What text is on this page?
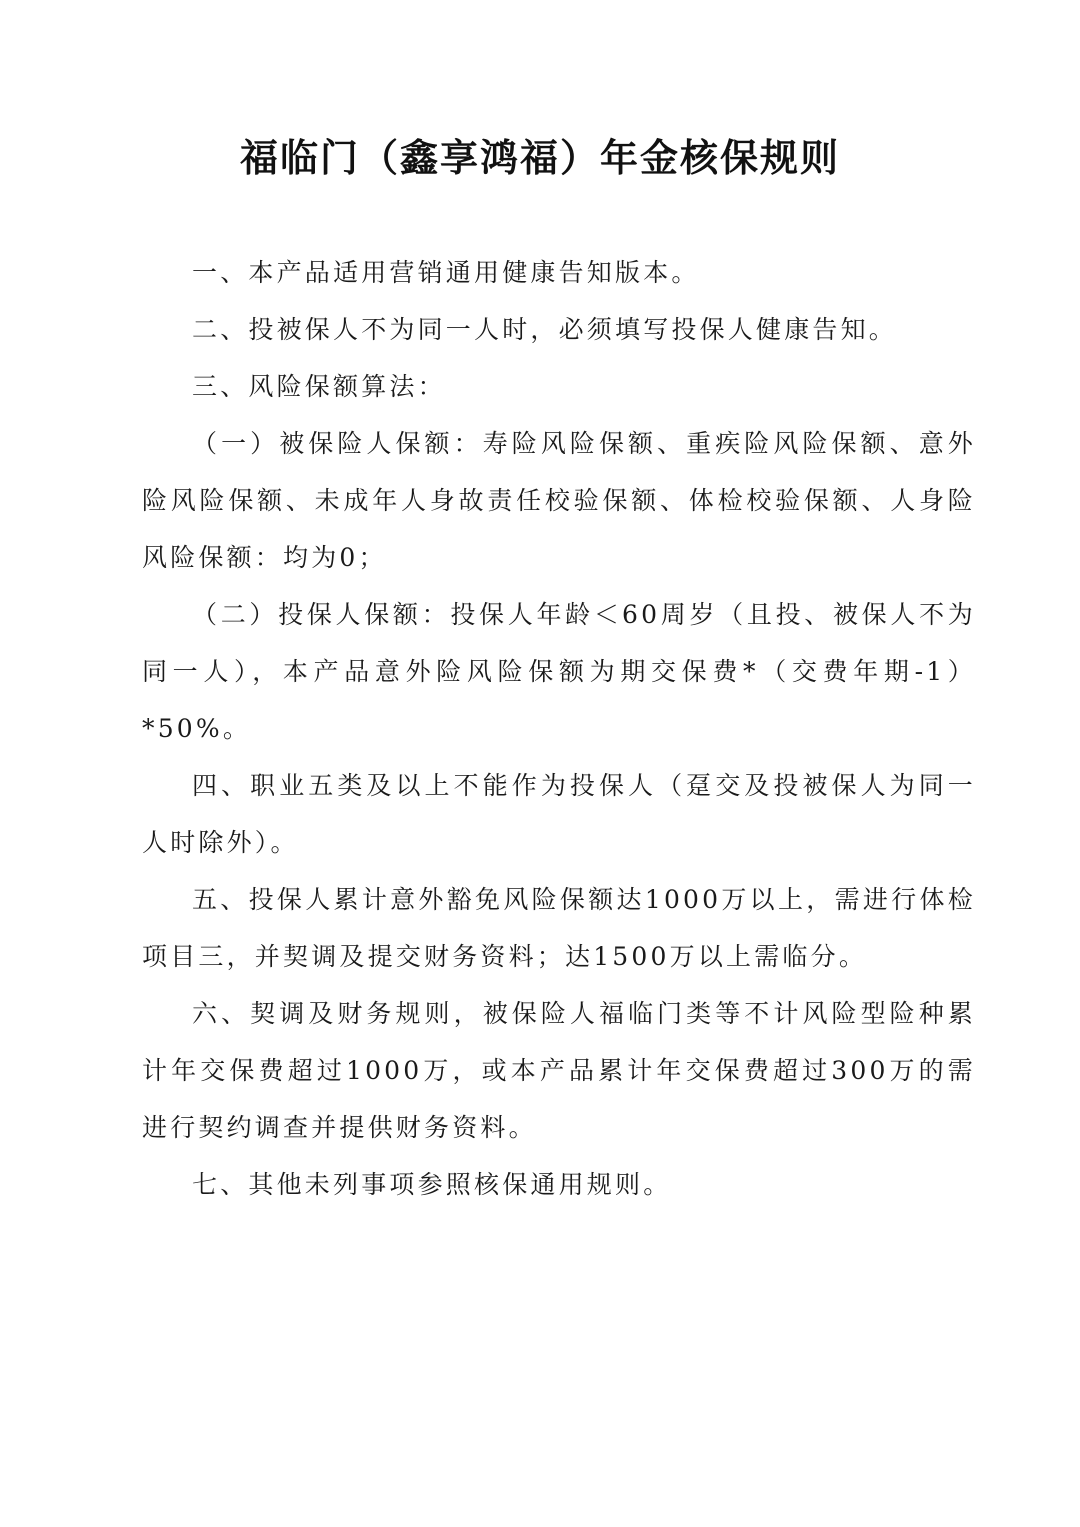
福临门（鑫享鸿福）年金核保规则

一、本产品适用营销通用健康告知版本。

二、投被保人不为同一人时，必须填写投保人健康告知。

三、风险保额算法：

（一）被保险人保额：寿险风险保额、重疾险风险保额、意外险风险保额、未成年人身故责任校验保额、体检校验保额、人身险风险保额：均为0；

（二）投保人保额：投保人年龄＜60周岁（且投、被保人不为同一人），本产品意外险风险保额为期交保费*（交费年期-1）*50%。

四、职业五类及以上不能作为投保人（趸交及投被保人为同一人时除外）。

五、投保人累计意外豁免风险保额达1000万以上，需进行体检项目三，并契调及提交财务资料；达1500万以上需临分。

六、契调及财务规则，被保险人福临门类等不计风险型险种累计年交保费超过1000万，或本产品累计年交保费超过300万的需进行契约调查并提供财务资料。

七、其他未列事项参照核保通用规则。
